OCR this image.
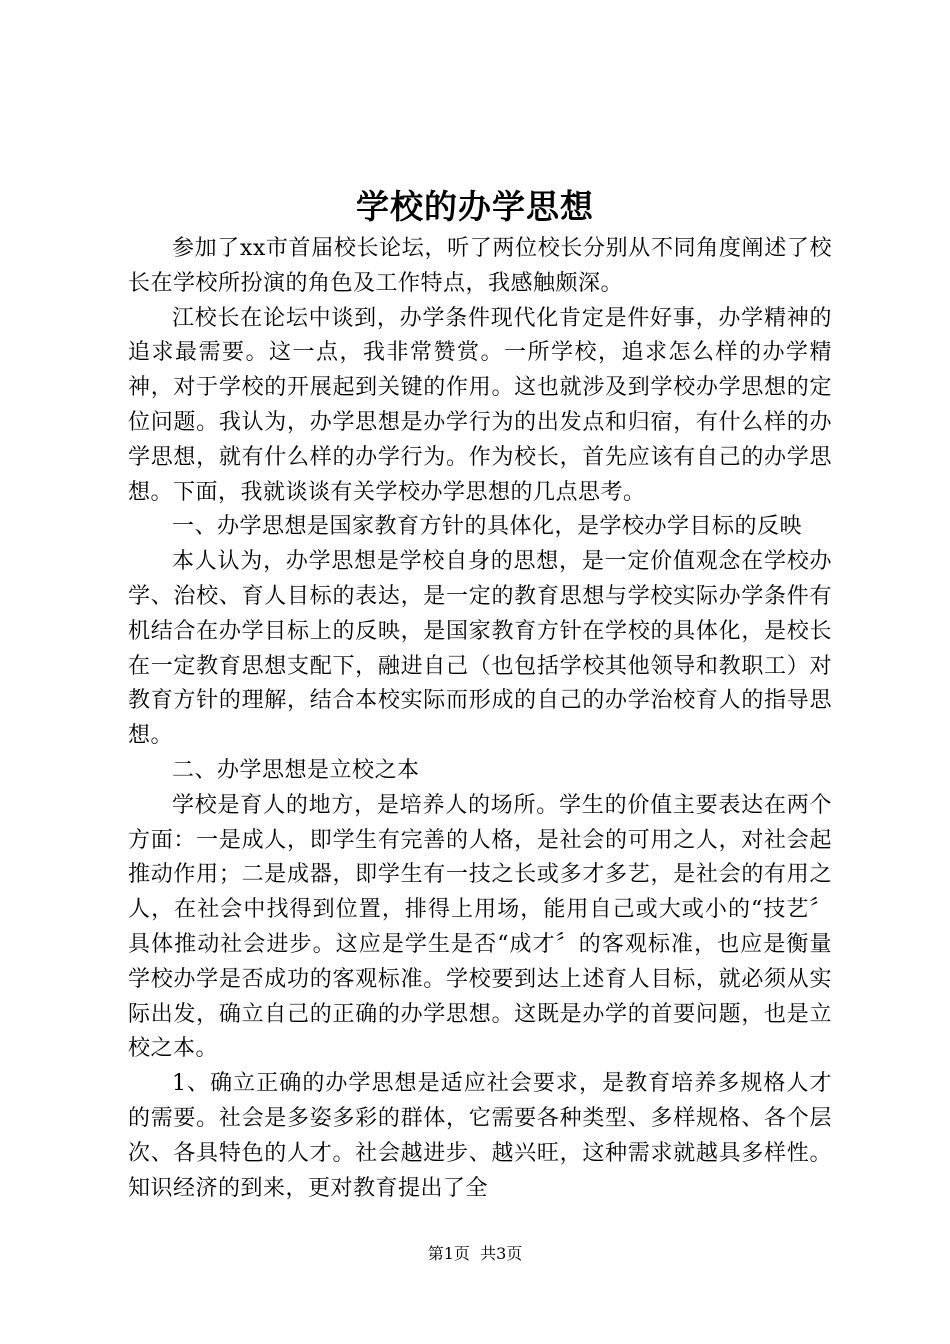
学校的办学思想

参加了xx市首届校长论坛，听了两位校长分别从不同角度阐述了校长在学校所扮演的角色及工作特点，我感触颇深。

江校长在论坛中谈到，办学条件现代化肯定是件好事，办学精神的追求最需要。这一点，我非常赞赏。一所学校，追求怎么样的办学精神，对于学校的开展起到关键的作用。这也就涉及到学校办学思想的定位问题。我认为，办学思想是办学行为的出发点和归宿，有什么样的办学思想，就有什么样的办学行为。作为校长，首先应该有自己的办学思想。下面，我就谈谈有关学校办学思想的几点思考。

一、办学思想是国家教育方针的具体化，是学校办学目标的反映

本人认为，办学思想是学校自身的思想，是一定价值观念在学校办学、治校、育人目标的表达，是一定的教育思想与学校实际办学条件有机结合在办学目标上的反映，是国家教育方针在学校的具体化，是校长在一定教育思想支配下，融进自己（也包括学校其他领导和教职工）对教育方针的理解，结合本校实际而形成的自己的办学治校育人的指导思想。

二、办学思想是立校之本

学校是育人的地方，是培养人的场所。学生的价值主要表达在两个方面：一是成人，即学生有完善的人格，是社会的可用之人，对社会起推动作用；二是成器，即学生有一技之长或多才多艺，是社会的有用之人，在社会中找得到位置，排得上用场，能用自己或大或小的“技艺〞具体推动社会进步。这应是学生是否“成才〞的客观标准，也应是衡量学校办学是否成功的客观标准。学校要到达上述育人目标，就必须从实际出发，确立自己的正确的办学思想。这既是办学的首要问题，也是立校之本。

1、确立正确的办学思想是适应社会要求，是教育培养多规格人才的需要。社会是多姿多彩的群体，它需要各种类型、多样规格、各个层次、各具特色的人才。社会越进步、越兴旺，这种需求就越具多样性。知识经济的到来，更对教育提出了全

第1页 共3页
